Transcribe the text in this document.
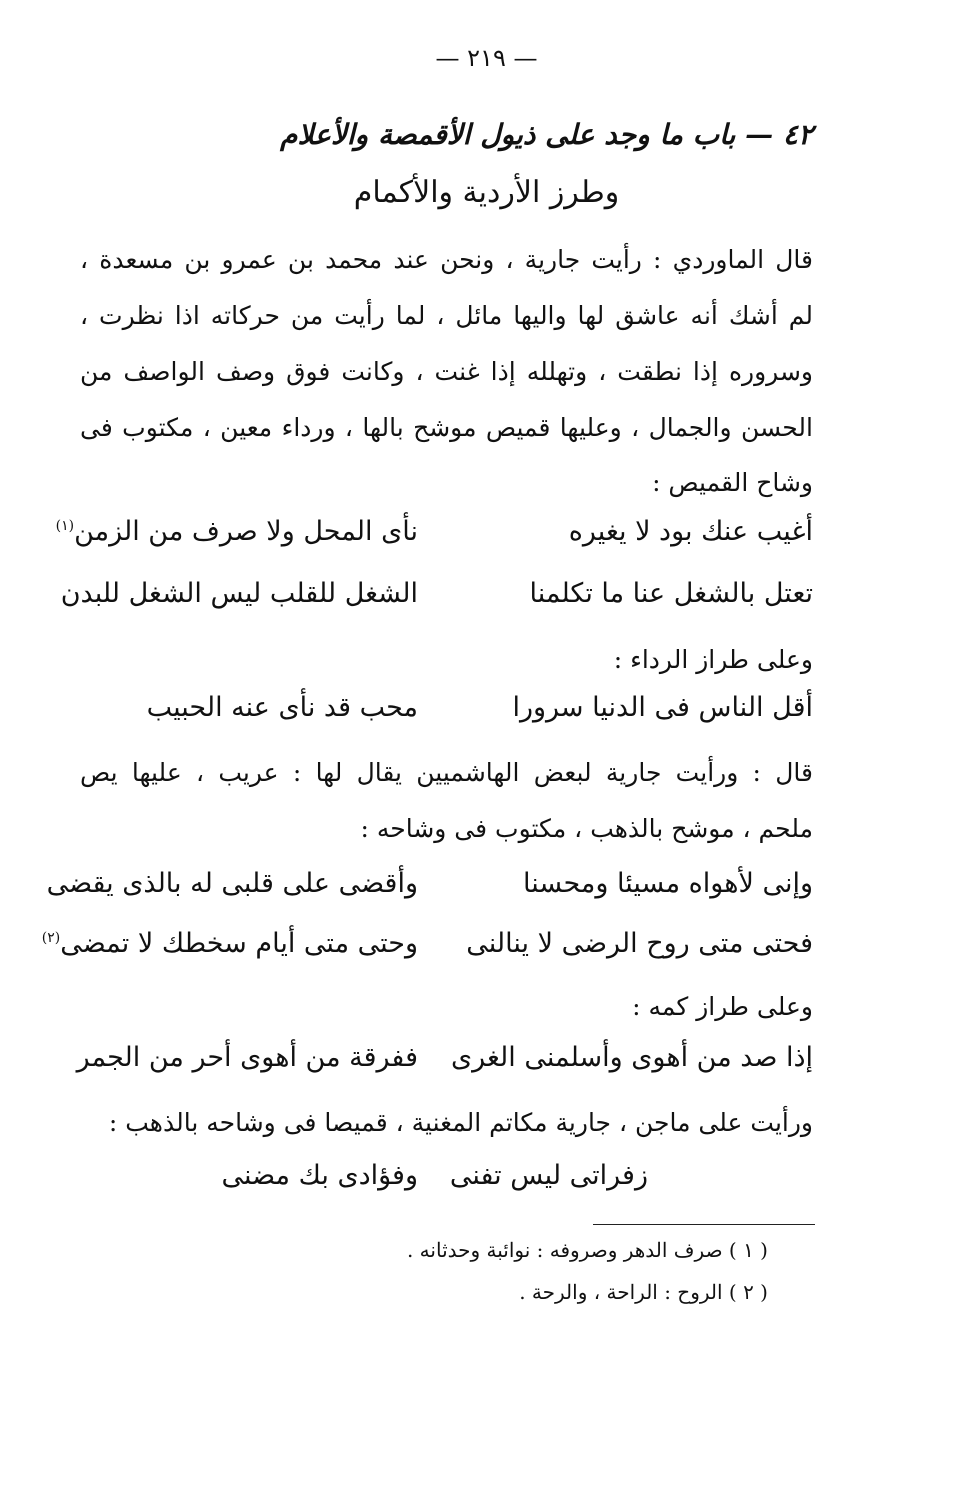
— ٢١٩ —
٤٢ — باب ما وجد على ذيول الأقمصة والأعلام
وطرز الأردية والأكمام
قال الماوردي : رأيت جارية ، ونحن عند محمد بن عمرو بن مسعدة ،
لم أشك أنه عاشق لها واليها مائل ، لما رأيت من حركاته اذا نظرت ،
وسروره إذا نطقت ، وتهلله إذا غنت ، وكانت فوق وصف الواصف من
الحسن والجمال ، وعليها قميص موشح بالها ، ورداء معين ، مكتوب فى
وشاح القميص :
أغيب عنك بود لا يغيره
نأى المحل ولا صرف من الزمن$^{(١)}$
تعتل بالشغل عنا ما تكلمنا
الشغل للقلب ليس الشغل للبدن
وعلى طراز الرداء :
أقل الناس فى الدنيا سرورا
محب قد نأى عنه الحبيب
قال : ورأيت جارية لبعض الهاشميين يقال لها : عريب ، عليها يص
ملحم ، موشح بالذهب ، مكتوب فى وشاحه :
وإنى لأهواه مسيئا ومحسنا
وأقضى على قلبى له بالذى يقضى
فحتى متى روح الرضى لا ينالنى
وحتى متى أيام سخطك لا تمضى$^{(٢)}$
وعلى طراز كمه :
إذا صد من أهوى وأسلمنى الغرى
ففرقة من أهوى أحر من الجمر
ورأيت على ماجن ، جارية مكاتم المغنية ، قميصا فى وشاحه بالذهب :
زفراتى ليس تفنى
وفؤادى بك مضنى
( ١ ) صرف الدهر وصروفه : نوائبة وحدثانه .
( ٢ ) الروح : الراحة ، والرحة .
